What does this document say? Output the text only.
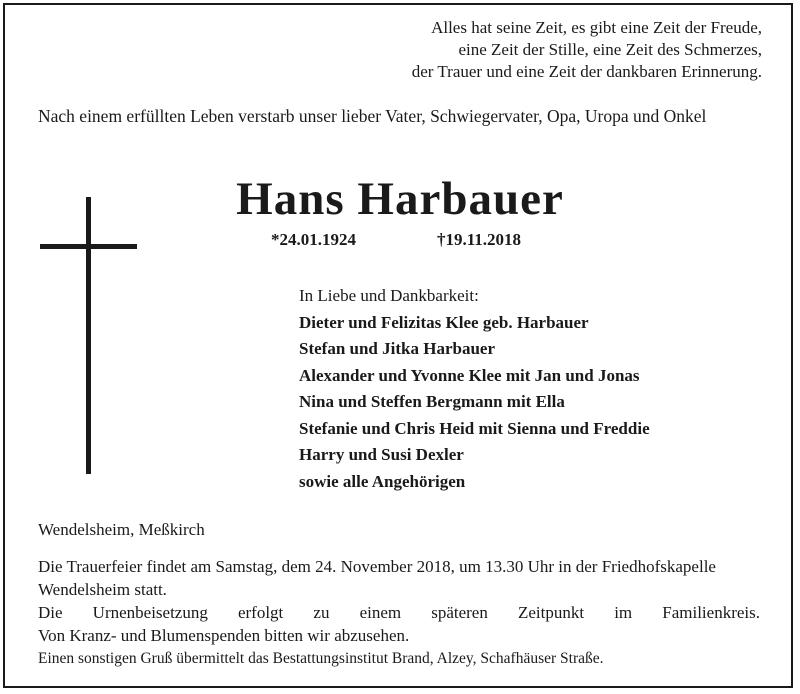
Alles hat seine Zeit, es gibt eine Zeit der Freude,
eine Zeit der Stille, eine Zeit des Schmerzes,
der Trauer und eine Zeit der dankbaren Erinnerung.
Nach einem erfüllten Leben verstarb unser lieber Vater, Schwiegervater, Opa, Uropa und Onkel
Hans Harbauer
*24.01.1924	†19.11.2018
In Liebe und Dankbarkeit:
Dieter und Felizitas Klee geb. Harbauer
Stefan und Jitka Harbauer
Alexander und Yvonne Klee mit Jan und Jonas
Nina und Steffen Bergmann mit Ella
Stefanie und Chris Heid mit Sienna und Freddie
Harry und Susi Dexler
sowie alle Angehörigen
Wendelsheim, Meßkirch
Die Trauerfeier findet am Samstag, dem 24. November 2018, um 13.30 Uhr in der Friedhofskapelle Wendelsheim statt.
Die Urnenbeisetzung erfolgt zu einem späteren Zeitpunkt im Familienkreis.
Von Kranz- und Blumenspenden bitten wir abzusehen.
Einen sonstigen Gruß übermittelt das Bestattungsinstitut Brand, Alzey, Schafhäuser Straße.
